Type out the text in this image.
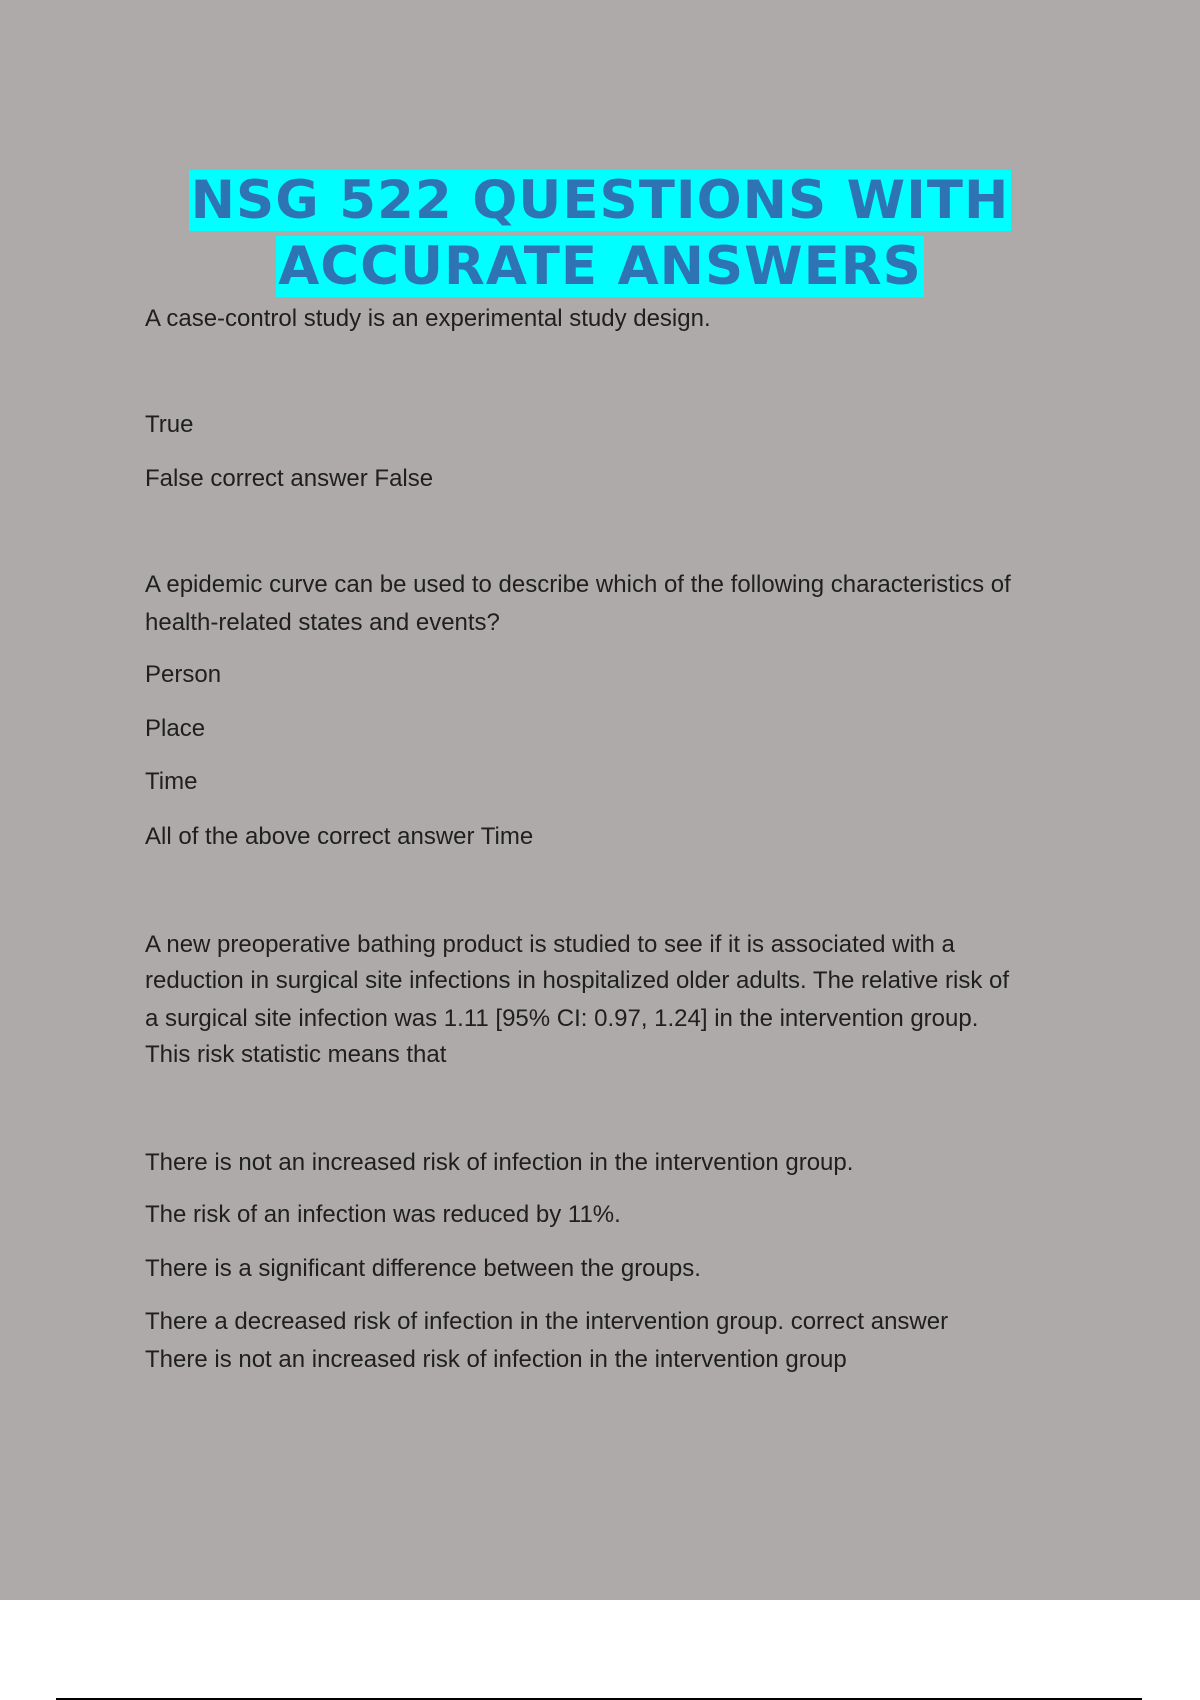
NSG 522 QUESTIONS WITH
ACCURATE ANSWERS

A case-control study is an experimental study design.

True

False correct answer False

A epidemic curve can be used to describe which of the following characteristics of

health-related states and events?

Person

Place

Time

All of the above correct answer Time

A new preoperative bathing product is studied to see if it is associated with a

reduction in surgical site infections in hospitalized older adults. The relative risk of

a surgical site infection was 1.11 [95% CI: 0.97, 1.24] in the intervention group.

This risk statistic means that

There is not an increased risk of infection in the intervention group.

The risk of an infection was reduced by 11%.

There is a significant difference between the groups.

There a decreased risk of infection in the intervention group. correct answer

There is not an increased risk of infection in the intervention group
